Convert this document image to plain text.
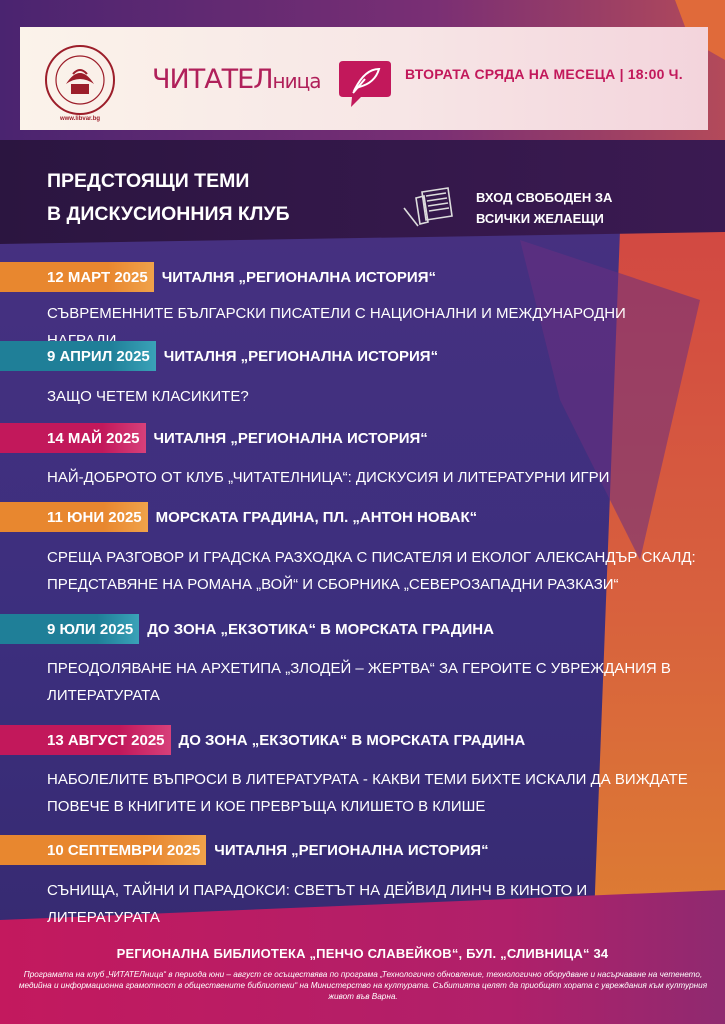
www.libvar.bg
ЧИТАТЕЛница	ВТОРАТА СРЯДА НА МЕСЕЦА | 18:00 Ч.
ПРЕДСТОЯЩИ ТЕМИ
В ДИСКУСИОННИЯ КЛУБ
ВХОД СВОБОДЕН ЗА
ВСИЧКИ ЖЕЛАЕЩИ
12 МАРТ 2025 ЧИТАЛНЯ „РЕГИОНАЛНА ИСТОРИЯ“
СЪВРЕМЕННИТЕ БЪЛГАРСКИ ПИСАТЕЛИ С НАЦИОНАЛНИ И МЕЖДУНАРОДНИ
9 АПРИЛ 2025 ЧИТАЛНЯ „РЕГИОНАЛНА ИСТОРИЯ“
ЗАЩО ЧЕТЕМ КЛАСИКИТЕ?
14 МАЙ 2025 ЧИТАЛНЯ „РЕГИОНАЛНА ИСТОРИЯ“
НАЙ-ДОБРОТО ОТ КЛУБ „ЧИТАТЕЛНИЦА“: ДИСКУСИЯ И ЛИТЕРАТУРНИ ИГРИ
11 ЮНИ 2025 МОРСКАТА ГРАДИНА, ПЛ. „АНТОН НОВАК“
СРЕЩА РАЗГОВОР И ГРАДСКА РАЗХОДКА С ПИСАТЕЛЯ И ЕКОЛОГ АЛЕКСАНДЪР СКАЛД: ПРЕДСТАВЯНЕ НА РОМАНА „ВОЙ“ И СБОРНИКА „СЕВЕРОЗАПАДНИ РАЗКАЗИ“
9 ЮЛИ 2025 ДО ЗОНА „ЕКЗОТИКА“ В МОРСКАТА ГРАДИНА
ПРЕОДОЛЯВАНЕ НА АРХЕТИПА „ЗЛОДЕЙ – ЖЕРТВА“ ЗА ГЕРОИТЕ С УВРЕЖДАНИЯ В ЛИТЕРАТУРАТА
13 АВГУСТ 2025 ДО ЗОНА „ЕКЗОТИКА“ В МОРСКАТА ГРАДИНА
НАБОЛЕЛИТЕ ВЪПРОСИ В ЛИТЕРАТУРАТА - КАКВИ ТЕМИ БИХТЕ ИСКАЛИ ДА ВИЖДАТЕ ПОВЕЧЕ В КНИГИТЕ И КОЕ ПРЕВРЪЩА КЛИШЕТО В КЛИШЕ
10 СЕПТЕМВРИ 2025 ЧИТАЛНЯ „РЕГИОНАЛНА ИСТОРИЯ“
СЪНИЩА, ТАЙНИ И ПАРАДОКСИ: СВЕТЪТ НА ДЕЙВИД ЛИНЧ В КИНОТО И ЛИТЕРАТУРАТА
РЕГИОНАЛНА БИБЛИОТЕКА „ПЕНЧО СЛАВЕЙКОВ“, БУЛ. „СЛИВНИЦА“ 34
Програмата на клуб „ЧИТАТЕЛница“ в периода юни – август се осъществява по програма „Технологично обновление, технологично оборудване и насърчаване на четенето, медийна и информационна грамотност в обществените библиотеки“ на Министерство на културата. Събитията целят да приобщят хората с увреждания към културния живот във Варна.
